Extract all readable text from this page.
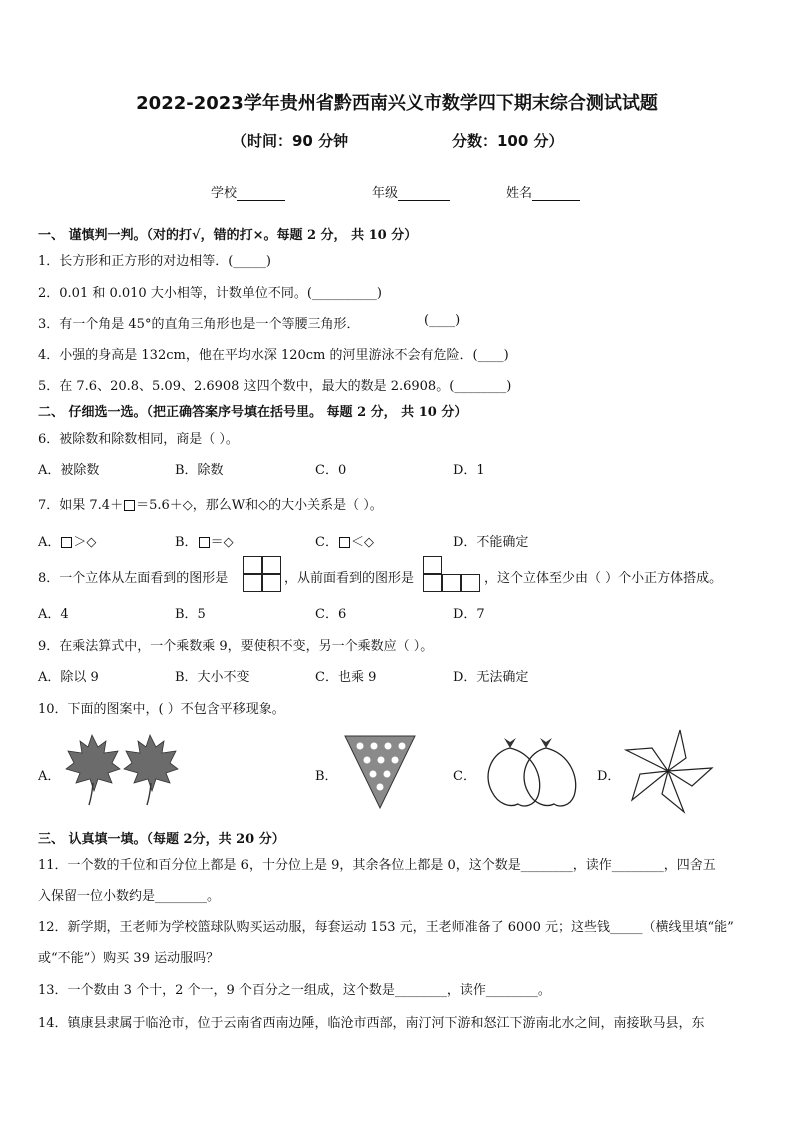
2022-2023学年贵州省黔西南兴义市数学四下期末综合测试试题
（时间：90 分钟	分数：100 分）
学校	年级	姓名
一、 谨慎判一判。（对的打√，错的打×。每题 2 分， 共 10 分）
1．长方形和正方形的对边相等．(_____)
2．0.01 和 0.010 大小相等，计数单位不同。(__________)
3．有一个角是 45°的直角三角形也是一个等腰三角形．	(____)
4．小强的身高是 132cm，他在平均水深 120cm 的河里游泳不会有危险．(____)
5．在 7.6、20.8、5.09、2.6908 这四个数中，最大的数是 2.6908。(________)
二、 仔细选一选。（把正确答案序号填在括号里。 每题 2 分， 共 10 分）
6．被除数和除数相同，商是（ ）。
A．被除数	B．除数	C．0	D．1
7．如果 7.4＋ ＝5.6＋◇，那么W和◇的大小关系是（ ）。
A． ＞◇	B． ＝◇	C． ＜◇	D．不能确定
8．一个立体从左面看到的图形是	，从前面看到的图形是	，这个立体至少由（ ）个小正方体搭成。
A．4	B．5	C．6	D．7
9．在乘法算式中，一个乘数乘 9，要使积不变，另一个乘数应（ ）。
A．除以 9	B．大小不变	C．也乘 9	D．无法确定
10．下面的图案中，( ）不包含平移现象。
A．	B．	C．	D．
三、 认真填一填。（每题 2分，共 20 分）
11．一个数的千位和百分位上都是 6，十分位上是 9，其余各位上都是 0，这个数是________，读作________，四舍五
入保留一位小数约是________。
12．新学期，王老师为学校篮球队购买运动服，每套运动 153 元，王老师准备了 6000 元；这些钱_____（横线里填“能”
或“不能”）购买 39 运动服吗？
13．一个数由 3 个十，2 个一，9 个百分之一组成，这个数是________，读作________。
14．镇康县隶属于临沧市，位于云南省西南边陲，临沧市西部，南汀河下游和怒江下游南北水之间，南接耿马县，东
